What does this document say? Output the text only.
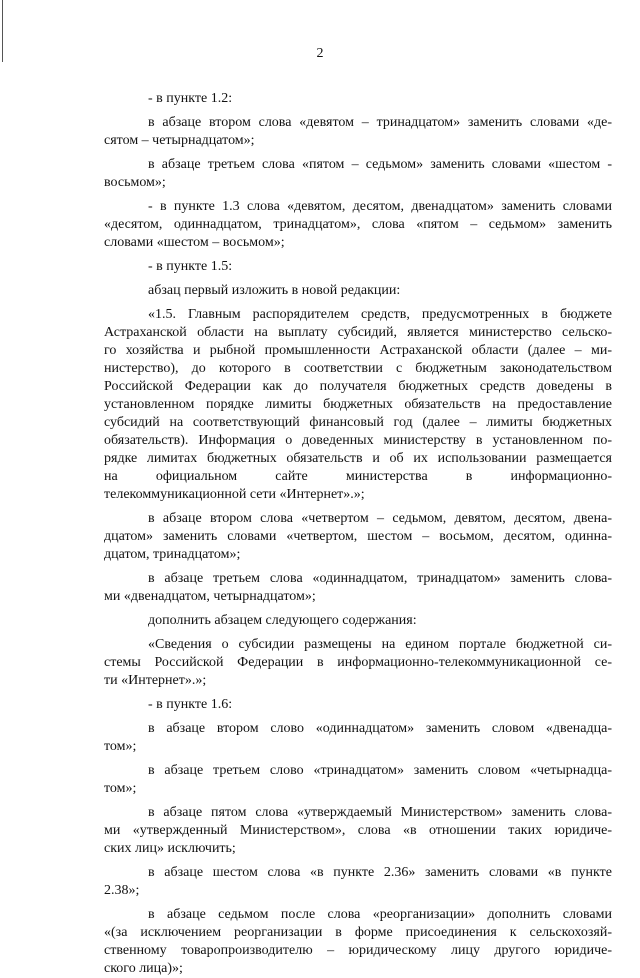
2
- в пункте 1.2:
в абзаце втором слова «девятом – тринадцатом» заменить словами «де-
сятом – четырнадцатом»;
в абзаце третьем слова «пятом – седьмом» заменить словами «шестом -
восьмом»;
- в пункте 1.3 слова «девятом, десятом, двенадцатом» заменить словами
«десятом, одиннадцатом, тринадцатом», слова «пятом – седьмом» заменить
словами «шестом – восьмом»;
- в пункте 1.5:
абзац первый изложить в новой редакции:
«1.5. Главным распорядителем средств, предусмотренных в бюджете
Астраханской области на выплату субсидий, является министерство сельско-
го хозяйства и рыбной промышленности Астраханской области (далее – ми-
нистерство), до которого в соответствии с бюджетным законодательством
Российской Федерации как до получателя бюджетных средств доведены в
установленном порядке лимиты бюджетных обязательств на предоставление
субсидий на соответствующий финансовый год (далее – лимиты бюджетных
обязательств). Информация о доведенных министерству в установленном по-
рядке лимитах бюджетных обязательств и об их использовании размещается
на официальном сайте министерства в информационно-
телекоммуникационной сети «Интернет».»;
в абзаце втором слова «четвертом – седьмом, девятом, десятом, двена-
дцатом» заменить словами «четвертом, шестом – восьмом, десятом, одинна-
дцатом, тринадцатом»;
в абзаце третьем слова «одиннадцатом, тринадцатом» заменить слова-
ми «двенадцатом, четырнадцатом»;
дополнить абзацем следующего содержания:
«Сведения о субсидии размещены на едином портале бюджетной си-
стемы Российской Федерации в информационно-телекоммуникационной се-
ти «Интернет».»;
- в пункте 1.6:
в абзаце втором слово «одиннадцатом» заменить словом «двенадца-
том»;
в абзаце третьем слово «тринадцатом» заменить словом «четырнадца-
том»;
в абзаце пятом слова «утверждаемый Министерством» заменить слова-
ми «утвержденный Министерством», слова «в отношении таких юридиче-
ских лиц» исключить;
в абзаце шестом слова «в пункте 2.36» заменить словами «в пункте
2.38»;
в абзаце седьмом после слова «реорганизации» дополнить словами
«(за исключением реорганизации в форме присоединения к сельскохозяй-
ственному товаропроизводителю – юридическому лицу другого юридиче-
ского лица)»;
